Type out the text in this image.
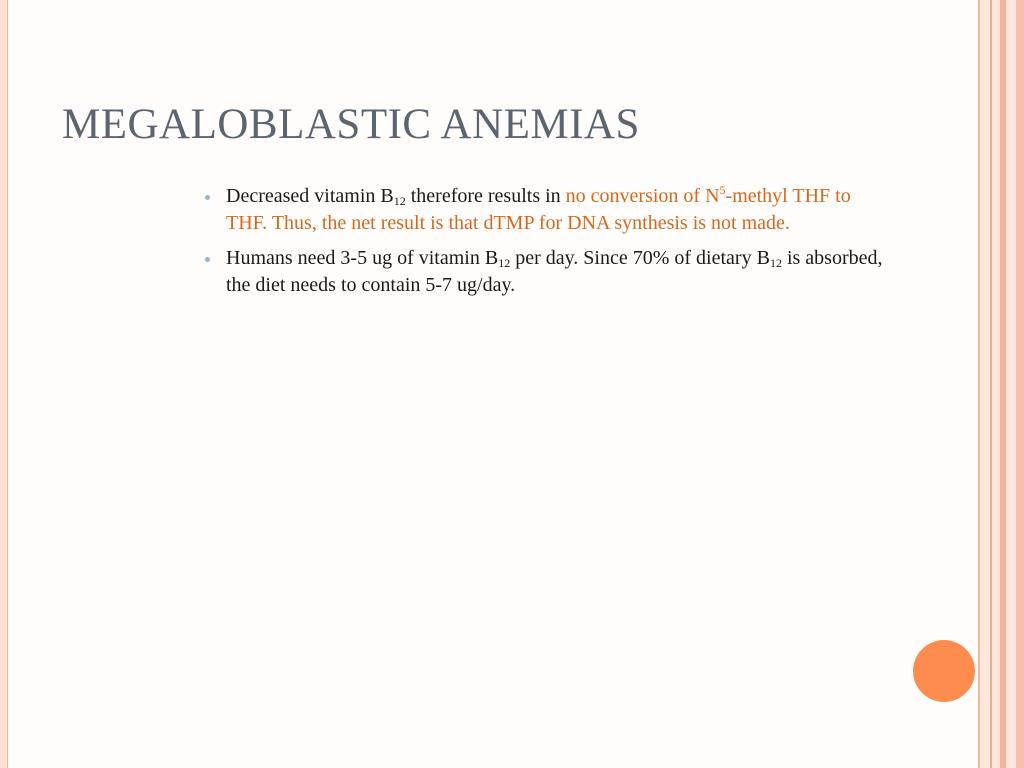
MEGALOBLASTIC ANEMIAS
Decreased vitamin $B_{12}$ therefore results in no conversion of $N^5$-methyl THF to THF. Thus, the net result is that dTMP for DNA synthesis is not made.
Humans need 3-5 ug of vitamin $B_{12}$ per day. Since 70% of dietary $B_{12}$ is absorbed, the diet needs to contain 5-7 ug/day.
